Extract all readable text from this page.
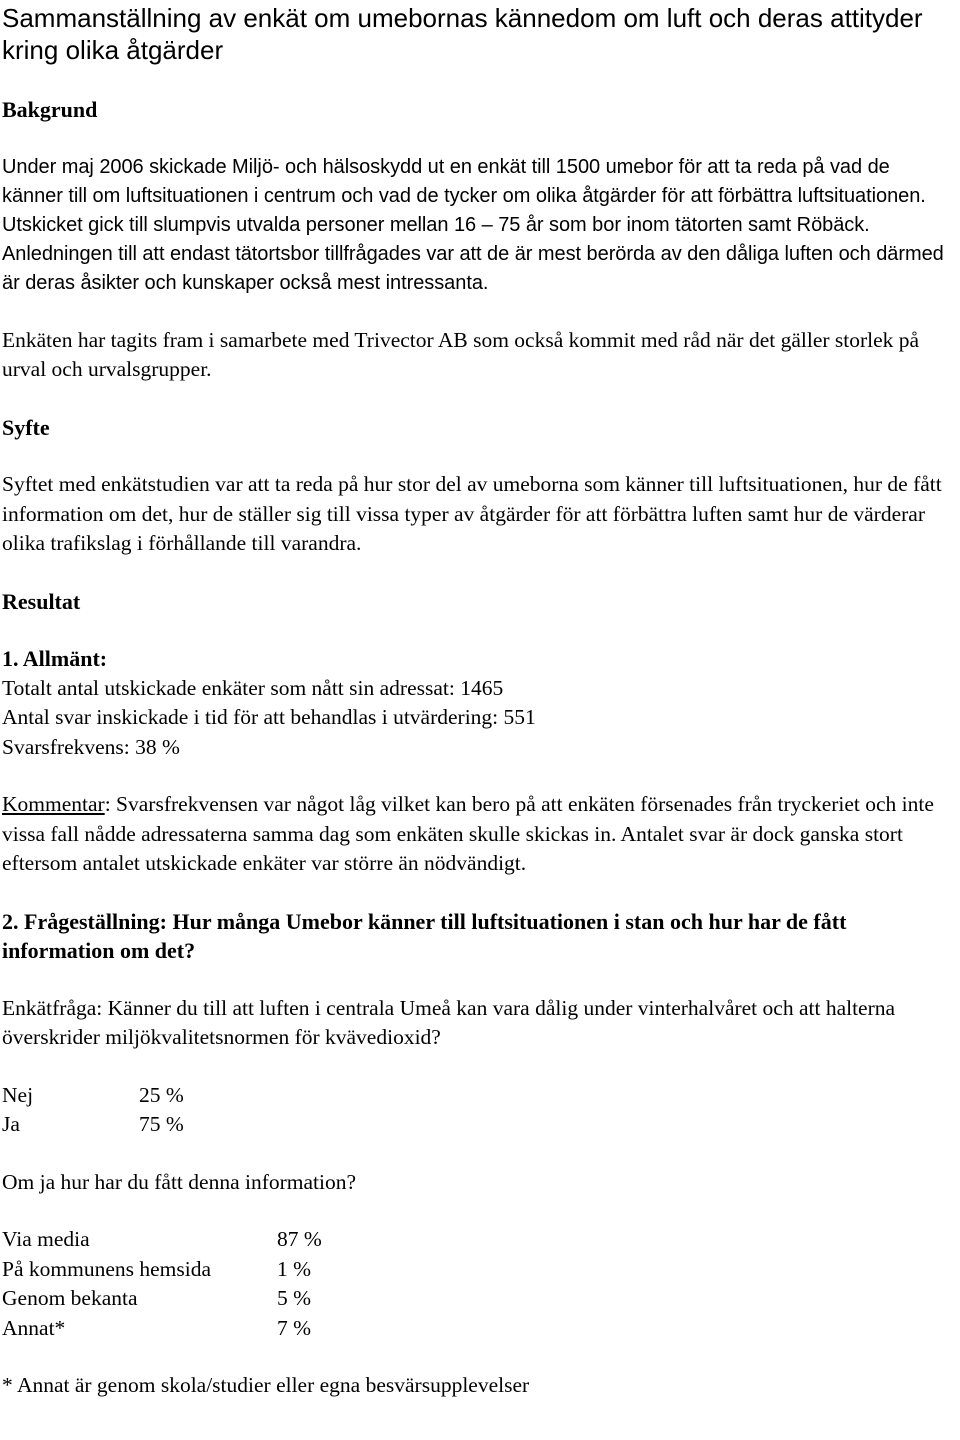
Sammanställning av enkät om umebornas kännedom om luft och deras attityder kring olika åtgärder
Bakgrund

Under maj 2006 skickade Miljö- och hälsoskydd ut en enkät till 1500 umebor för att ta reda på vad de känner till om luftsituationen i centrum och vad de tycker om olika åtgärder för att förbättra luftsituationen. Utskicket gick till slumpvis utvalda personer mellan 16 – 75 år som bor inom tätorten samt Röbäck. Anledningen till att endast tätortsbor tillfrågades var att de är mest berörda av den dåliga luften och därmed är deras åsikter och kunskaper också mest intressanta.

Enkäten har tagits fram i samarbete med Trivector AB som också kommit med råd när det gäller storlek på urval och urvalsgrupper.

Syfte

Syftet med enkätstudien var att ta reda på hur stor del av umeborna som känner till luftsituationen, hur de fått information om det, hur de ställer sig till vissa typer av åtgärder för att förbättra luften samt hur de värderar olika trafikslag i förhållande till varandra.

Resultat
1. Allmänt:

Totalt antal utskickade enkäter som nått sin adressat: 1465

Antal svar inskickade i tid för att behandlas i utvärdering: 551

Svarsfrekvens: 38 %

Kommentar: Svarsfrekvensen var något låg vilket kan bero på att enkäten försenades från tryckeriet och inte vissa fall nådde adressaterna samma dag som enkäten skulle skickas in. Antalet svar är dock ganska stort eftersom antalet utskickade enkäter var större än nödvändigt.

2. Frågeställning: Hur många Umebor känner till luftsituationen i stan och hur har de fått information om det?

Enkätfråga: Känner du till att luften i centrala Umeå kan vara dålig under vinterhalvåret och att halterna överskrider miljökvalitetsnormen för kvävedioxid?

Nej	25 %
Ja	75 %

Om ja hur har du fått denna information?

Via media	87 %
På kommunens hemsida	1 %
Genom bekanta	5 %
Annat*	7 %

* Annat är genom skola/studier eller egna besvärsupplevelser
